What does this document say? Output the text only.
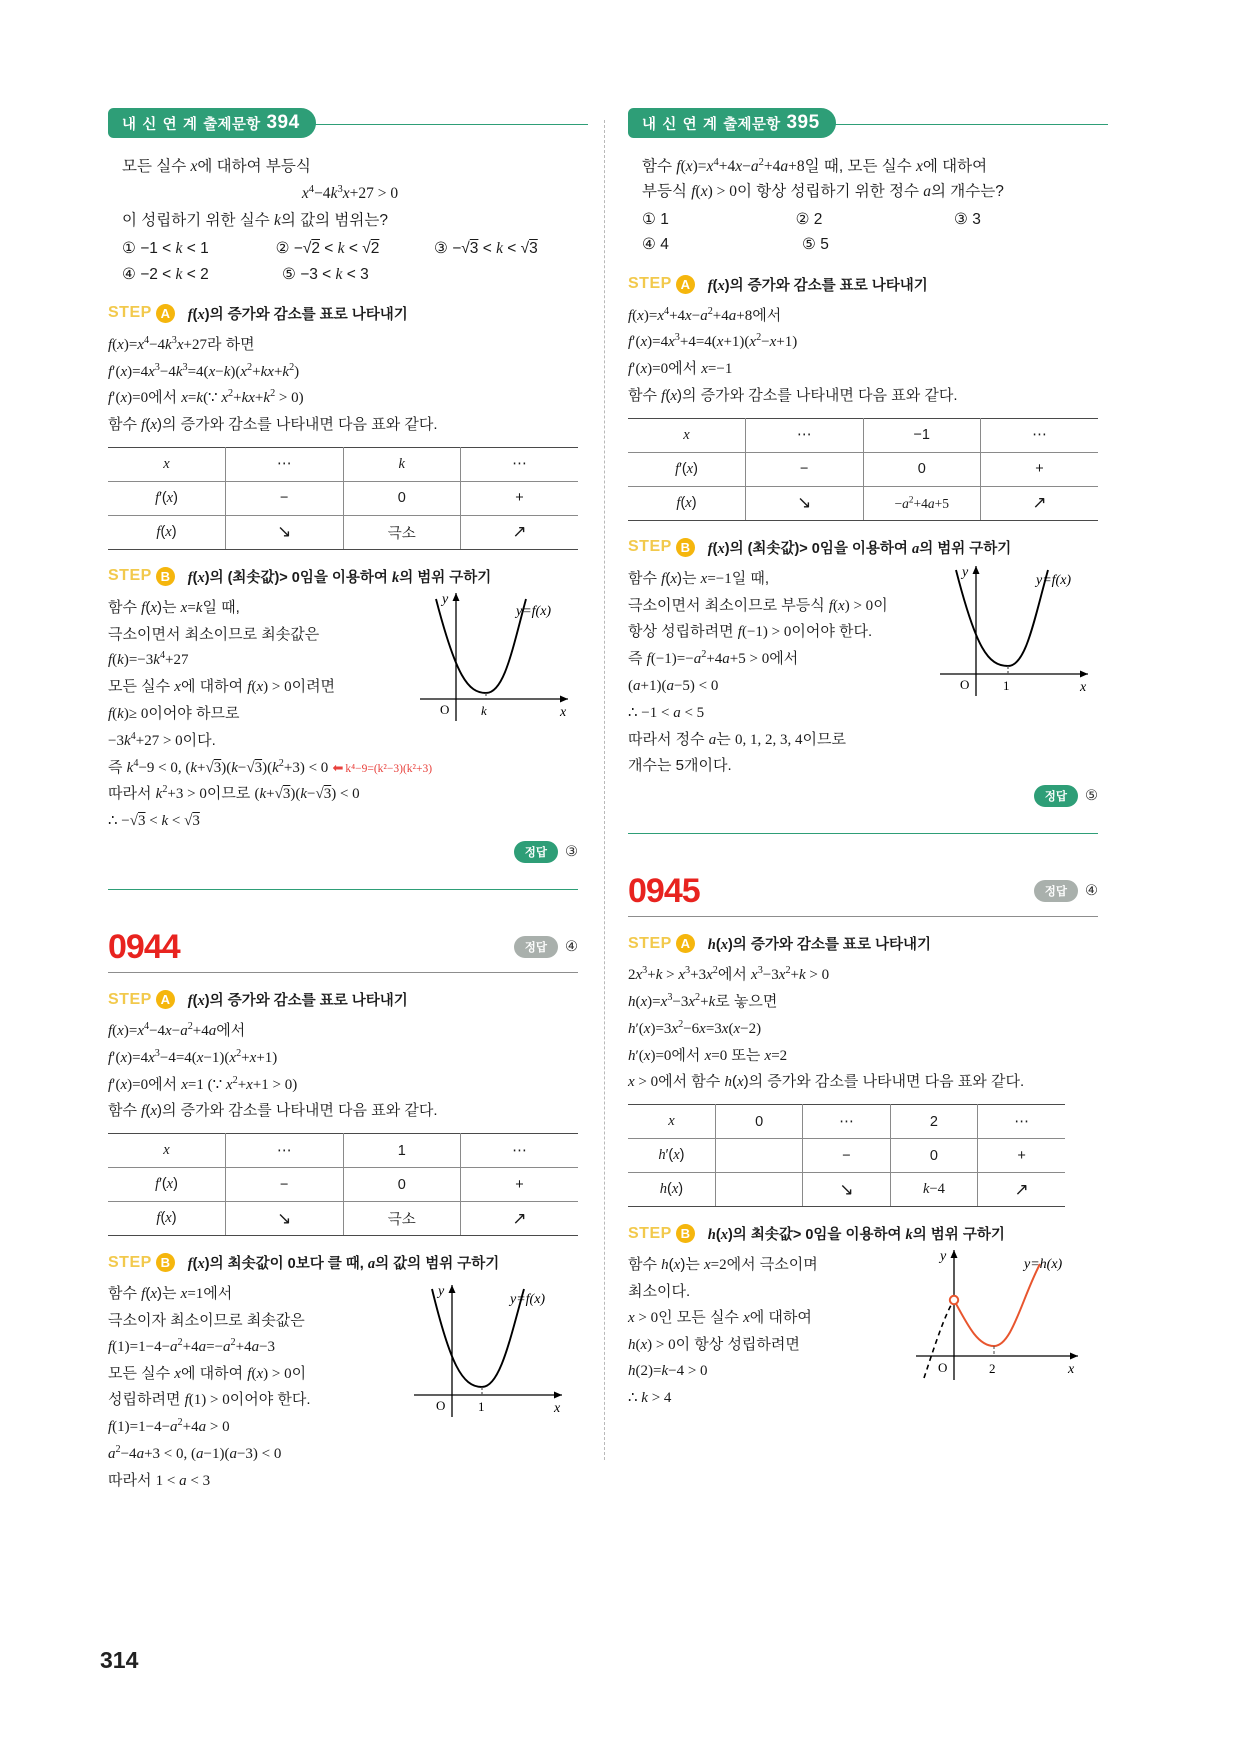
내 신 연 계 출제문항 394
모든 실수 x에 대하여 부등식
$x^4-4k^3x+27 > 0$
이 성립하기 위한 실수 k의 값의 범위는?
① −1 < k < 1	② −√2 < k < √2	③ −√3 < k < √3
④ −2 < k < 2	⑤ −3 < k < 3
STEP A	f(x)의 증가와 감소를 표로 나타내기
$f(x)=x^4-4k^3x+27$라 하면
$f'(x)=4x^3-4k^3=4(x-k)(x^2+kx+k^2)$
f′(x)=0에서 x=k(∵ $x^2+kx+k^2 > 0$)
함수 f(x)의 증가와 감소를 나타내면 다음 표와 같다.
x	⋯	k	⋯
f′(x)	−	0	+
f(x)	↘	극소	↗
STEP B	f(x)의 (최솟값)> 0임을 이용하여 k의 범위 구하기
함수 f(x)는 x=k일 때,
극소이면서 최소이므로 최솟값은
$f(k)=-3k^4+27$
모든 실수 x에 대하여 f(x) > 0이려면
f(k)≥ 0이어야 하므로
$-3k^4+27 > 0$이다.
즉 $k^4-9 < 0$, $(k+√3)(k-√3)(k^2+3) < 0$ ⬅ k⁴−9=(k²−3)(k²+3)
따라서 $k^2+3 > 0$이므로 (k+√3)(k−√3) < 0
∴ −√3 < k < √3
y
x
O k
y=f(x)
정답	③
0944	정답	④
STEP A	f(x)의 증가와 감소를 표로 나타내기
$f(x)=x^4-4x-a^2+4a$에서
$f'(x)=4x^3-4=4(x-1)(x^2+x+1)$
f′(x)=0에서 x=1 (∵ $x^2+x+1 > 0$)
함수 f(x)의 증가와 감소를 나타내면 다음 표와 같다.
x	⋯	1	⋯
f′(x)	−	0	+
f(x)	↘	극소	↗
STEP B	f(x)의 최솟값이 0보다 클 때, a의 값의 범위 구하기
함수 f(x)는 x=1에서
극소이자 최소이므로 최솟값은
$f(1)=1-4-a^2+4a=-a^2+4a-3$
모든 실수 x에 대하여 f(x) > 0이
성립하려면 f(1) > 0이어야 한다.
$f(1)=1-4-a^2+4a > 0$
$a^2-4a+3 < 0$, (a−1)(a−3) < 0
따라서 1 < a < 3
y
x
O	1
y=f(x)
내 신 연 계 출제문항 395
함수 $f(x)=x^4+4x-a^2+4a+8$일 때, 모든 실수 x에 대하여
부등식 f(x) > 0이 항상 성립하기 위한 정수 a의 개수는?
① 1	② 2	③ 3
④ 4	⑤ 5
STEP A	f(x)의 증가와 감소를 표로 나타내기
$f(x)=x^4+4x-a^2+4a+8$에서
$f'(x)=4x^3+4=4(x+1)(x^2-x+1)$
f′(x)=0에서 x=−1
함수 f(x)의 증가와 감소를 나타내면 다음 표와 같다.
x	⋯	−1	⋯
f′(x)	−	0	+
f(x)	↘	$-a^2+4a+5$	↗
STEP B	f(x)의 (최솟값)> 0임을 이용하여 a의 범위 구하기
함수 f(x)는 x=−1일 때,
극소이면서 최소이므로 부등식 f(x) > 0이
항상 성립하려면 f(−1) > 0이어야 한다.
즉 $f(-1)=-a^2+4a+5 > 0$에서
(a+1)(a−5) < 0
∴ −1 < a < 5
따라서 정수 a는 0, 1, 2, 3, 4이므로
개수는 5개이다.
y
x
O	1
y=f(x)
정답	⑤
0945	정답	④
STEP A	h(x)의 증가와 감소를 표로 나타내기
$2x^3+k > x^3+3x^2$에서 $x^3-3x^2+k > 0$
$h(x)=x^3-3x^2+k$로 놓으면
$h'(x)=3x^2-6x=3x(x-2)$
h′(x)=0에서 x=0 또는 x=2
x > 0에서 함수 h(x)의 증가와 감소를 나타내면 다음 표와 같다.
x	0	⋯	2	⋯
h′(x)		−	0	+
h(x)		↘	k−4	↗
STEP B	h(x)의 최솟값> 0임을 이용하여 k의 범위 구하기
함수 h(x)는 x=2에서 극소이며
최소이다.
x > 0인 모든 실수 x에 대하여
h(x) > 0이 항상 성립하려면
h(2)=k−4 > 0
∴ k > 4
y
x
O	2
y=h(x)
314
